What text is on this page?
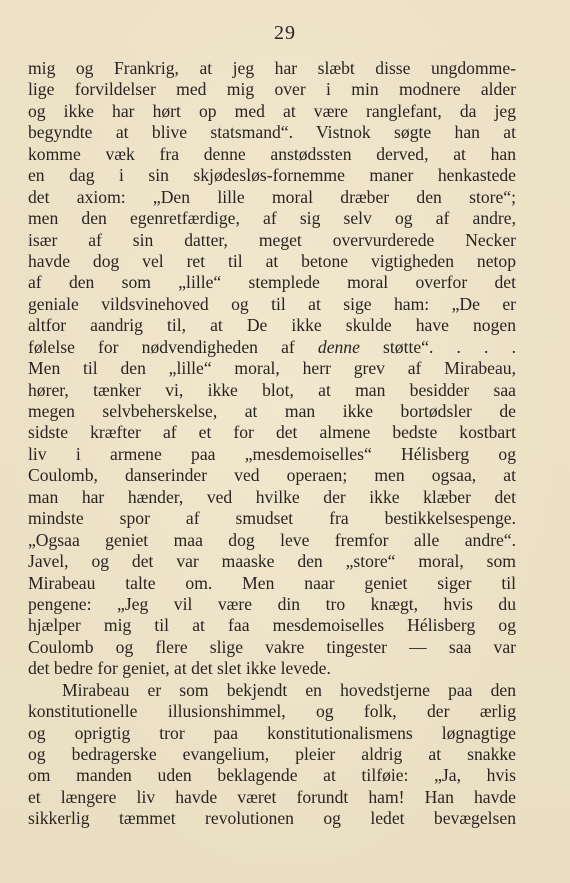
29
mig og Frankrig, at jeg har slæbt disse ungdomme-
lige forvildelser med mig over i min modnere alder
og ikke har hørt op med at være ranglefant, da jeg
begyndte at blive statsmand“. Vistnok søgte han at
komme væk fra denne anstødssten derved, at han
en dag i sin skjødesløs-fornemme maner henkastede
det axiom: „Den lille moral dræber den store“;
men den egenretfærdige, af sig selv og af andre,
især af sin datter, meget overvurderede Necker
havde dog vel ret til at betone vigtigheden netop
af den som „lille“ stemplede moral overfor det
geniale vildsvinehoved og til at sige ham: „De er
altfor aandrig til, at De ikke skulde have nogen
følelse for nødvendigheden af denne støtte“. . . .
Men til den „lille“ moral, herr grev af Mirabeau,
hører, tænker vi, ikke blot, at man besidder saa
megen selvbeherskelse, at man ikke bortødsler de
sidste kræfter af et for det almene bedste kostbart
liv i armene paa „mesdemoiselles“ Hélisberg og
Coulomb, danserinder ved operaen; men ogsaa, at
man har hænder, ved hvilke der ikke klæber det
mindste spor af smudset fra bestikkelsespenge.
„Ogsaa geniet maa dog leve fremfor alle andre“.
Javel, og det var maaske den „store“ moral, som
Mirabeau talte om. Men naar geniet siger til
pengene: „Jeg vil være din tro knægt, hvis du
hjælper mig til at faa mesdemoiselles Hélisberg og
Coulomb og flere slige vakre tingester — saa var
det bedre for geniet, at det slet ikke levede.
Mirabeau er som bekjendt en hovedstjerne paa den
konstitutionelle illusionshimmel, og folk, der ærlig
og oprigtig tror paa konstitutionalismens løgnagtige
og bedragerske evangelium, pleier aldrig at snakke
om manden uden beklagende at tilføie: „Ja, hvis
et længere liv havde været forundt ham! Han havde
sikkerlig tæmmet revolutionen og ledet bevægelsen
